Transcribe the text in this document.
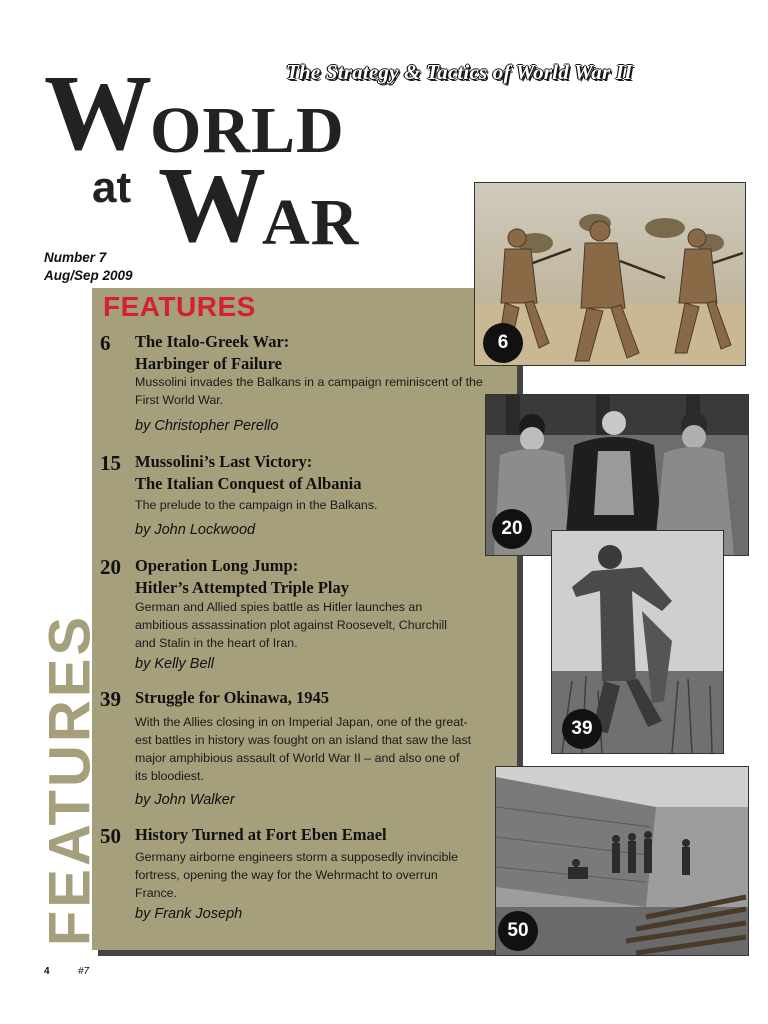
The Strategy & Tactics of World War II
W
ORLD
at W
AR
Number 7
Aug/Sep 2009
FEATURES
FEATURES
6 The Italo-Greek War:
Harbinger of Failure
Mussolini invades the Balkans in a campaign reminiscent of the
First World War.
by Christopher Perello
15 Mussolini’s Last Victory:
The Italian Conquest of Albania
The prelude to the campaign in the Balkans.
by John Lockwood
20 Operation Long Jump:
Hitler’s Attempted Triple Play
German and Allied spies battle as Hitler launches an
ambitious assassination plot against Roosevelt, Churchill
and Stalin in the heart of Iran.
by Kelly Bell
39 Struggle for Okinawa, 1945
With the Allies closing in on Imperial Japan, one of the great-
est battles in history was fought on an island that saw the last
major amphibious assault of World War II – and also one of
its bloodiest.
by John Walker
50 History Turned at Fort Eben Emael
Germany airborne engineers storm a supposedly invincible
fortress, opening the way for the Wehrmacht to overrun
France.
by Frank Joseph
6
20
39
50
4	#7
